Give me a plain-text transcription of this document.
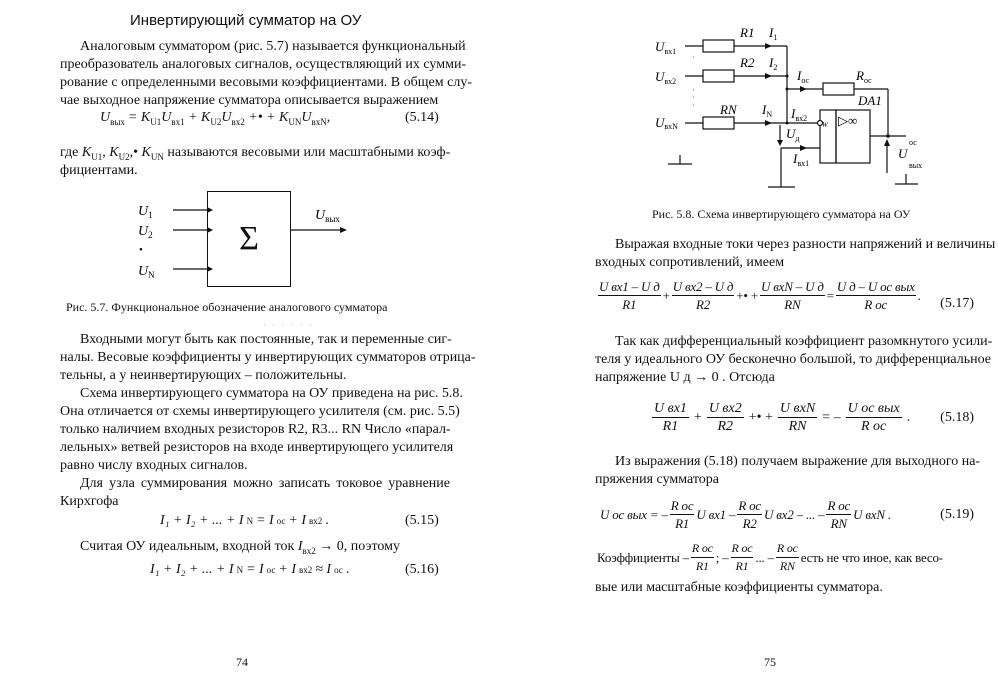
Инвертирующий сумматор на ОУ
Аналоговым сумматором (рис. 5.7) называется функциональный
преобразователь аналоговых сигналов, осуществляющий их сумми-
рование с определенными весовыми коэффициентами. В общем слу-
чае выходное напряжение сумматора описывается выражением
$U_{вых} = K_{U1}U_{вх1} + K_{U2}U_{вх2}$ +• + $K_{UN}U_{вхN}$,	(5.14)
где $K_{U1}$, $K_{U2},•$ $K_{UN}$ называются весовыми или масштабными коэф-
фициентами.
$U_1$
$U_2$
•
$U_N$
$U_{вых}$
Σ
Рис. 5.7. Функциональное обозначение аналогового сумматора
· · · · · ·
Входными могут быть как постоянные, так и переменные сиг-
налы. Весовые коэффициенты у инвертирующих сумматоров отрица-
тельны, а у неинвертирующих – положительны.
Схема инвертирующего сумматора на ОУ приведена на рис. 5.8.
Она отличается от схемы инвертирующего усилителя (см. рис. 5.5)
только наличием входных резисторов R2, R3... RN Число «парал-
лельных» ветвей резисторов на входе инвертирующего усилителя
равно числу входных сигналов.
Для узла суммирования можно записать токовое уравнение
Кирхгофа
I₁ + I₂ + ... + I N = I ос + I вх2 .	(5.15)
Считая ОУ идеальным, входной ток $I_{вх2} \to 0$, поэтому
I₁ + I₂ + ... + I N = I ос + I вх2 ≈ I ос .	(5.16)
74
·
·
·
·
$U_{вх1}$
$U_{вх2}$
UвхN
R1
R2
RN
$I_1$
$I_2$
$I_N$
$I_{ос}$	$R_{ос}$
DA1
$I_{вх2}$
$U_д$
$I_{вх1}$
W ▷∞
U
ос
вых
Рис. 5.8. Схема инвертирующего сумматора на ОУ
Выражая входные токи через разности напряжений и величины
входных сопротивлений, имеем
$\frac{\text{U вх1 – U д}}{R1} + \frac{\text{U вх2 – U д}}{R2}$ +• + $\frac{\text{U вхN – U д}}{RN} = \frac{\text{U д – U ос вых}}{\text{R ос}}$ .
(5.17)
Так как дифференциальный коэффициент разомкнутого усили-
теля у идеального ОУ бесконечно большой, то дифференциальное
напряжение U д → 0 . Отсюда
$\frac{\text{U вх1}}{R1} + \frac{\text{U вх2}}{R2}$ +• + $\frac{\text{U вхN}}{RN}$ = – $\frac{\text{U ос вых}}{\text{R ос}}$ . (5.18)
Из выражения (5.18) получаем выражение для выходного на-
пряжения сумматора
U ос вых = – $\frac{\text{R ос}}{R1}$ U $вх1 - \frac{\text{R ос}}{R2}$ U вх2 – ... – $\frac{\text{R ос}}{RN}$ U вхN .	(5.19)
Коэффициенты – $\frac{\text{R ос}}{R1}$ ; – $\frac{\text{R ос}}{R1}$ ... – $\frac{\text{R ос}}{RN}$ есть не что иное, как весо-
вые или масштабные коэффициенты сумматора.
75
